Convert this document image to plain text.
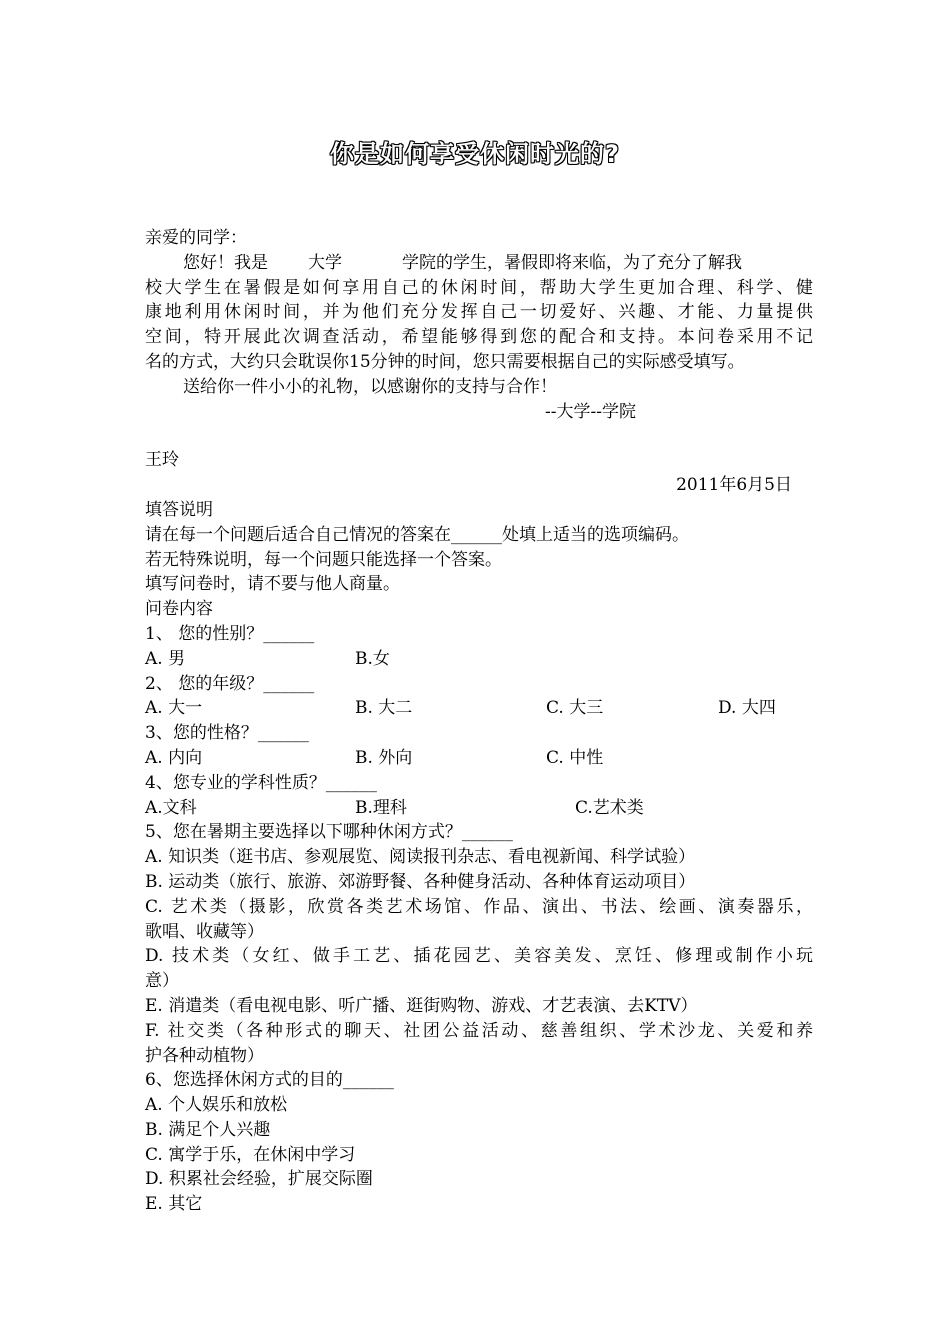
你是如何享受休闲时光的?
亲爱的同学：
您好！我是 大学	学院的学生，暑假即将来临，为了充分了解我
校大学生在暑假是如何享用自己的休闲时间，帮助大学生更加合理、科学、健
康地利用休闲时间，并为他们充分发挥自己一切爱好、兴趣、才能、力量提供
空间，特开展此次调查活动，希望能够得到您的配合和支持。本问卷采用不记
名的方式，大约只会耽误你15分钟的时间，您只需要根据自己的实际感受填写。
送给你一件小小的礼物，以感谢你的支持与合作！
--大学--学院
王玲
2011年6月5日
填答说明
请在每一个问题后适合自己情况的答案在______处填上适当的选项编码。
若无特殊说明，每一个问题只能选择一个答案。
填写问卷时，请不要与他人商量。
问卷内容
1、 您的性别？______
A. 男	B.女
2、 您的年级？______
A. 大一	B. 大二	C. 大三	D. 大四
3、您的性格？______
A. 内向	B. 外向	C. 中性
4、您专业的学科性质？______
A.文科	B.理科	C.艺术类
5、您在暑期主要选择以下哪种休闲方式？______
A. 知识类（逛书店、参观展览、阅读报刊杂志、看电视新闻、科学试验）
B. 运动类（旅行、旅游、郊游野餐、各种健身活动、各种体育运动项目）
C. 艺术类（摄影，欣赏各类艺术场馆、作品、演出、书法、绘画、演奏器乐，
歌唱、收藏等）
D. 技术类（女红、做手工艺、插花园艺、美容美发、烹饪、修理或制作小玩
意）
E. 消遣类（看电视电影、听广播、逛街购物、游戏、才艺表演、去KTV）
F. 社交类（各种形式的聊天、社团公益活动、慈善组织、学术沙龙、关爱和养
护各种动植物）
6、您选择休闲方式的目的______
A. 个人娱乐和放松
B. 满足个人兴趣
C. 寓学于乐，在休闲中学习
D. 积累社会经验，扩展交际圈
E. 其它
